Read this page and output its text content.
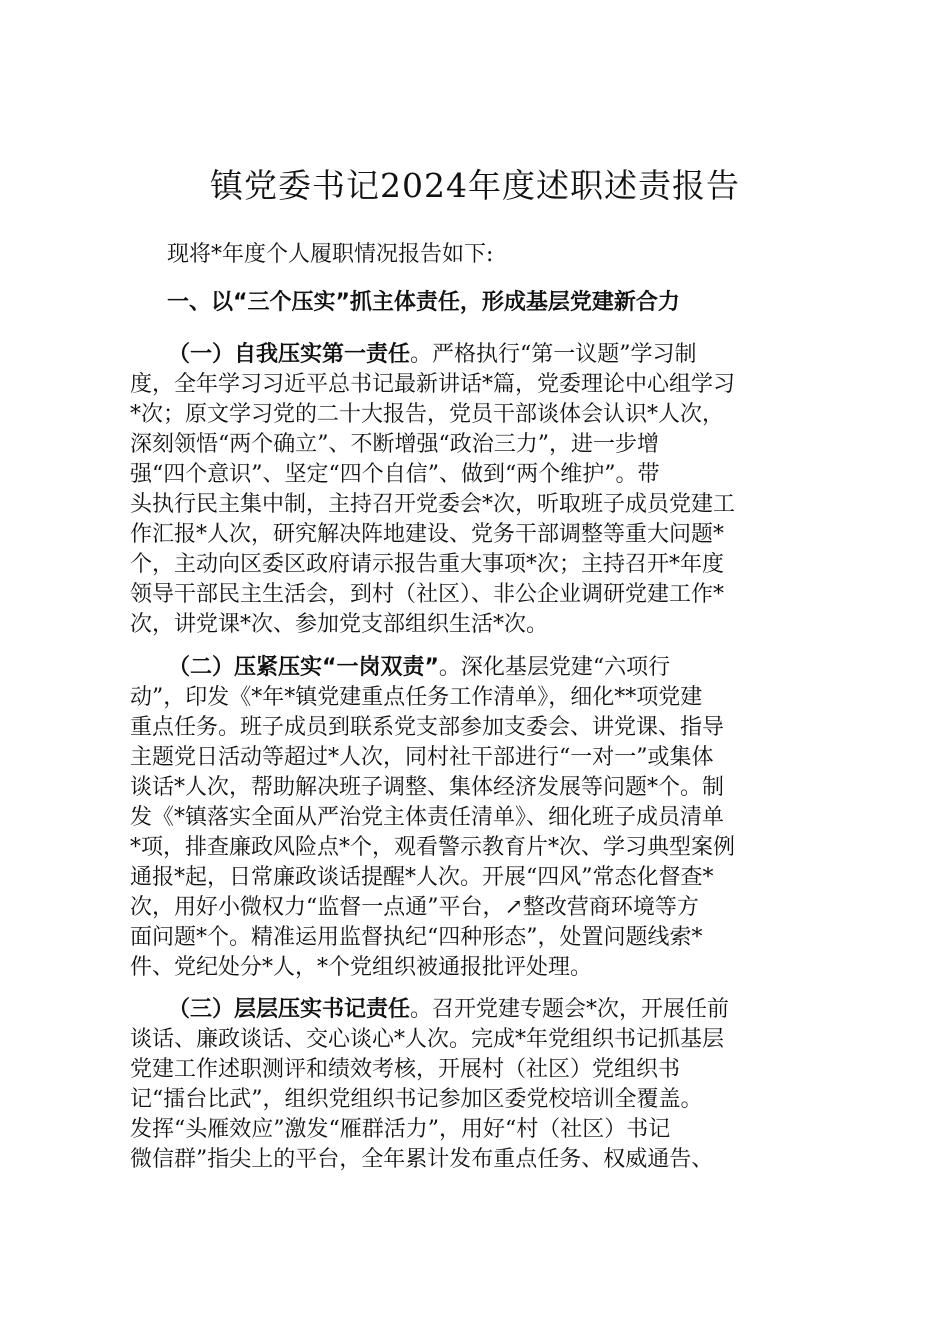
镇党委书记2024年度述职述责报告
现将*年度个人履职情况报告如下:
一、以“三个压实”抓主体责任，形成基层党建新合力
（一）自我压实第一责任。严格执行“第一议题”学习制
度，全年学习习近平总书记最新讲话*篇，党委理论中心组学习
*次；原文学习党的二十大报告，党员干部谈体会认识*人次，
深刻领悟“两个确立”、不断增强“政治三力”，进一步增
强“四个意识”、坚定“四个自信”、做到“两个维护”。带
头执行民主集中制，主持召开党委会*次，听取班子成员党建工
作汇报*人次，研究解决阵地建设、党务干部调整等重大问题*
个，主动向区委区政府请示报告重大事项*次；主持召开*年度
领导干部民主生活会，到村（社区）、非公企业调研党建工作*
次，讲党课*次、参加党支部组织生活*次。
（二）压紧压实“一岗双责”。深化基层党建“六项行
动”，印发《*年*镇党建重点任务工作清单》，细化**项党建
重点任务。班子成员到联系党支部参加支委会、讲党课、指导
主题党日活动等超过*人次，同村社干部进行“一对一”或集体
谈话*人次，帮助解决班子调整、集体经济发展等问题*个。制
发《*镇落实全面从严治党主体责任清单》、细化班子成员清单
*项，排查廉政风险点*个，观看警示教育片*次、学习典型案例
通报*起，日常廉政谈话提醒*人次。开展“四风”常态化督查*
次，用好小微权力“监督一点通”平台，↗整改营商环境等方
面问题*个。精准运用监督执纪“四种形态”，处置问题线索*
件、党纪处分*人，*个党组织被通报批评处理。
（三）层层压实书记责任。召开党建专题会*次，开展任前
谈话、廉政谈话、交心谈心*人次。完成*年党组织书记抓基层
党建工作述职测评和绩效考核，开展村（社区）党组织书
记“擂台比武”，组织党组织书记参加区委党校培训全覆盖。
发挥“头雁效应”激发“雁群活力”，用好“村（社区）书记
微信群”指尖上的平台，全年累计发布重点任务、权威通告、
